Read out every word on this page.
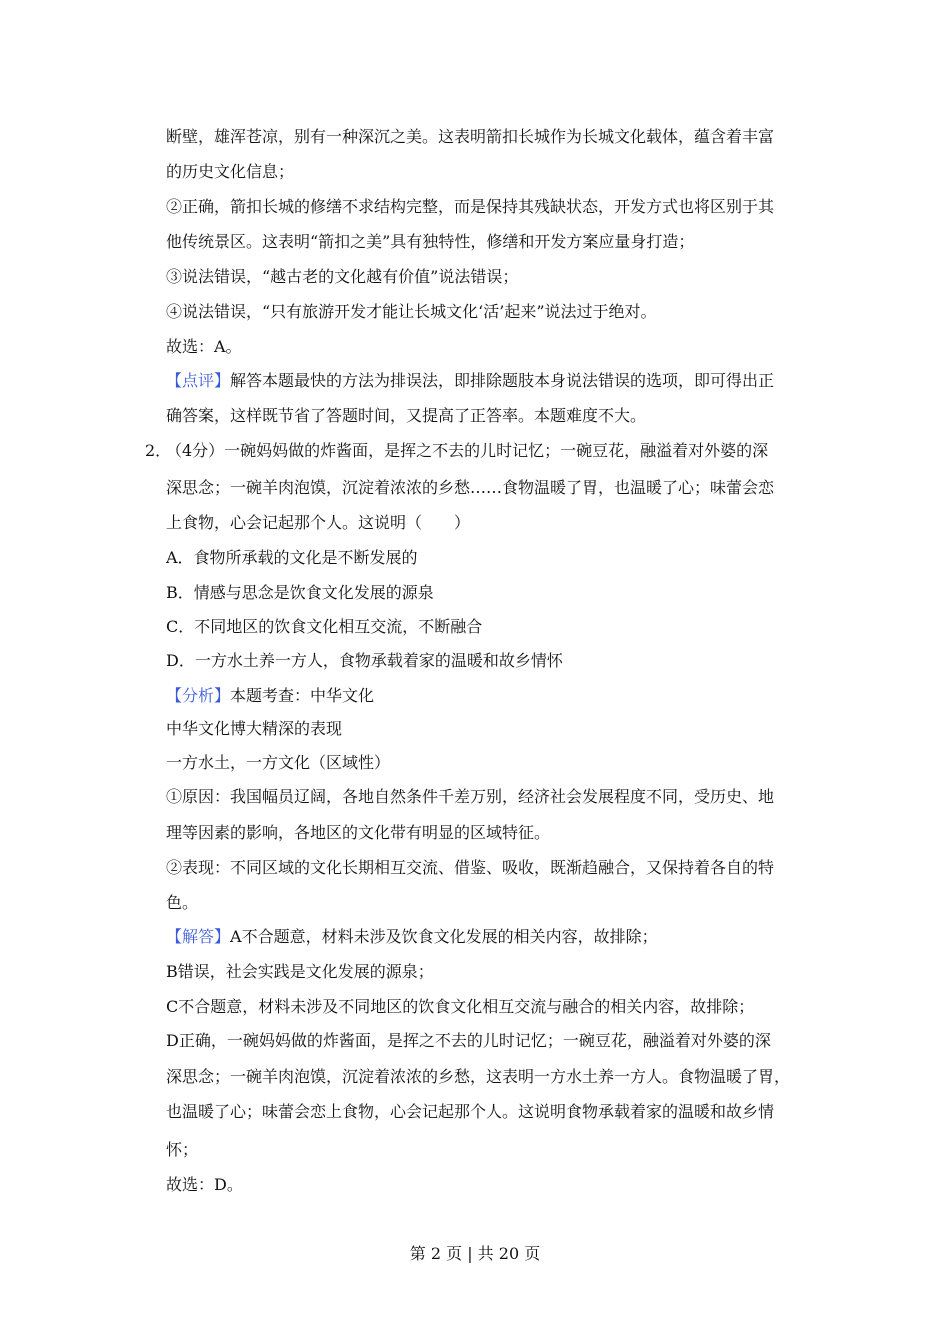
断壁，雄浑苍凉，别有一种深沉之美。这表明箭扣长城作为长城文化载体，蕴含着丰富
的历史文化信息；
②正确，箭扣长城的修缮不求结构完整，而是保持其残缺状态，开发方式也将区别于其
他传统景区。这表明“箭扣之美”具有独特性，修缮和开发方案应量身打造；
③说法错误，“越古老的文化越有价值”说法错误；
④说法错误，“只有旅游开发才能让长城文化‘活’起来”说法过于绝对。
故选：A。
【点评】解答本题最快的方法为排误法，即排除题肢本身说法错误的选项，即可得出正
确答案，这样既节省了答题时间，又提高了正答率。本题难度不大。
2．
（4分）一碗妈妈做的炸酱面，是挥之不去的儿时记忆；一碗豆花，融溢着对外婆的深
深思念；一碗羊肉泡馍，沉淀着浓浓的乡愁……食物温暖了胃，也温暖了心；味蕾会恋
上食物，心会记起那个人。这说明（　　）
A．食物所承载的文化是不断发展的
B．情感与思念是饮食文化发展的源泉
C．不同地区的饮食文化相互交流，不断融合
D．一方水土养一方人，食物承载着家的温暖和故乡情怀
【分析】本题考查：中华文化
中华文化博大精深的表现
一方水土，一方文化（区域性）
①原因：我国幅员辽阔，各地自然条件千差万别，经济社会发展程度不同，受历史、地
理等因素的影响，各地区的文化带有明显的区域特征。
②表现：不同区域的文化长期相互交流、借鉴、吸收，既渐趋融合，又保持着各自的特
色。
【解答】A不合题意，材料未涉及饮食文化发展的相关内容，故排除；
B错误，社会实践是文化发展的源泉；
C不合题意，材料未涉及不同地区的饮食文化相互交流与融合的相关内容，故排除；
D正确，一碗妈妈做的炸酱面，是挥之不去的儿时记忆；一碗豆花，融溢着对外婆的深
深思念；一碗羊肉泡馍，沉淀着浓浓的乡愁，这表明一方水土养一方人。食物温暖了胃，
也温暖了心；味蕾会恋上食物，心会记起那个人。这说明食物承载着家的温暖和故乡情
怀；
故选：D。
第 2 页 | 共 20 页
